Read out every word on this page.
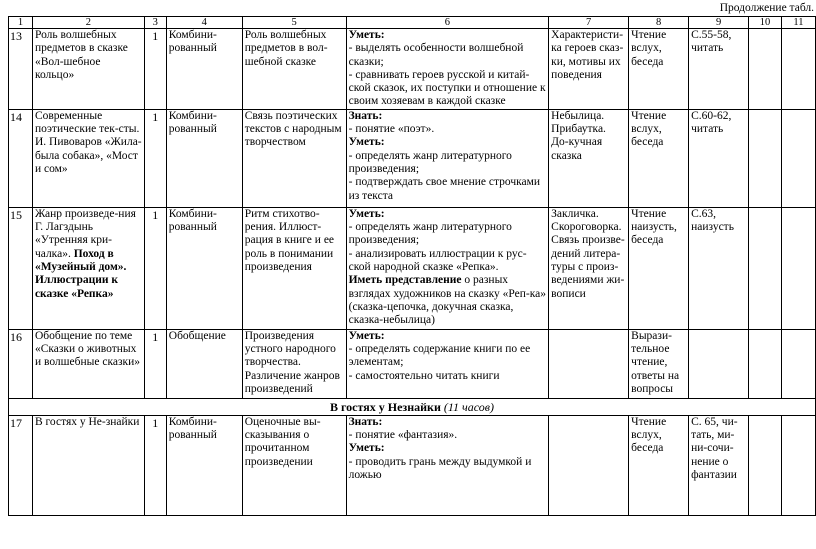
Продолжение табл.
1	2	3	4	5	6	7	8	9	10	11
13	Роль волшебных предметов в сказке «Вол-шебное кольцо»	1	Комбини-рованный	Роль волшебных предметов в вол-шебной сказке	Уметь:
- выделять особенности волшебной сказки;
- сравнивать героев русской и китай-ской сказок, их поступки и отношение к своим хозяевам в каждой сказке	Характеристи-ка героев сказ-ки, мотивы их поведения	Чтение вслух, беседа	С.55-58, читать		
14	Современные поэтические тек-сты. И. Пивоваров «Жила-была собака», «Мост и сом»	1	Комбини-рованный	Связь поэтических текстов с народным творчеством	Знать:
- понятие «поэт».
Уметь:
- определять жанр литературного произведения;
- подтверждать свое мнение строчками из текста	Небылица. Прибаутка. До-кучная сказка	Чтение вслух, беседа	С.60-62, читать		
15	Жанр произведе-ния Г. Лагздынь «Утренняя кри-чалка». Поход в «Музейный дом». Иллюстрации к сказке «Репка»	1	Комбини-рованный	Ритм стихотво-рения. Иллюст-рация в книге и ее роль в понимании произведения	Уметь:
- определять жанр литературного произведения;
- анализировать иллюстрации к рус-ской народной сказке «Репка».
Иметь представление о разных взглядах художников на сказку «Реп-ка» (сказка-цепочка, докучная сказка, сказка-небылица)	Закличка. Скороговорка. Связь произве-дений литера-туры с произ-ведениями жи-вописи	Чтение наизусть, беседа	С.63, наизусть		
16	Обобщение по теме «Сказки о животных и волшебные сказки»	1	Обобщение	Произведения устного народного творчества. Различение жанров произведений	Уметь:
- определять содержание книги по ее элементам;
- самостоятельно читать книги		Вырази-тельное чтение, ответы на вопросы			
В гостях у Незнайки (11 часов)										
17	В гостях у Не-знайки	1	Комбини-рованный	Оценочные вы-сказывания о прочитанном произведении	Знать:
- понятие «фантазия».
Уметь:
- проводить грань между выдумкой и ложью		Чтение вслух, беседа	С. 65, чи-тать, ми-ни-сочи-нение о фантазии		
